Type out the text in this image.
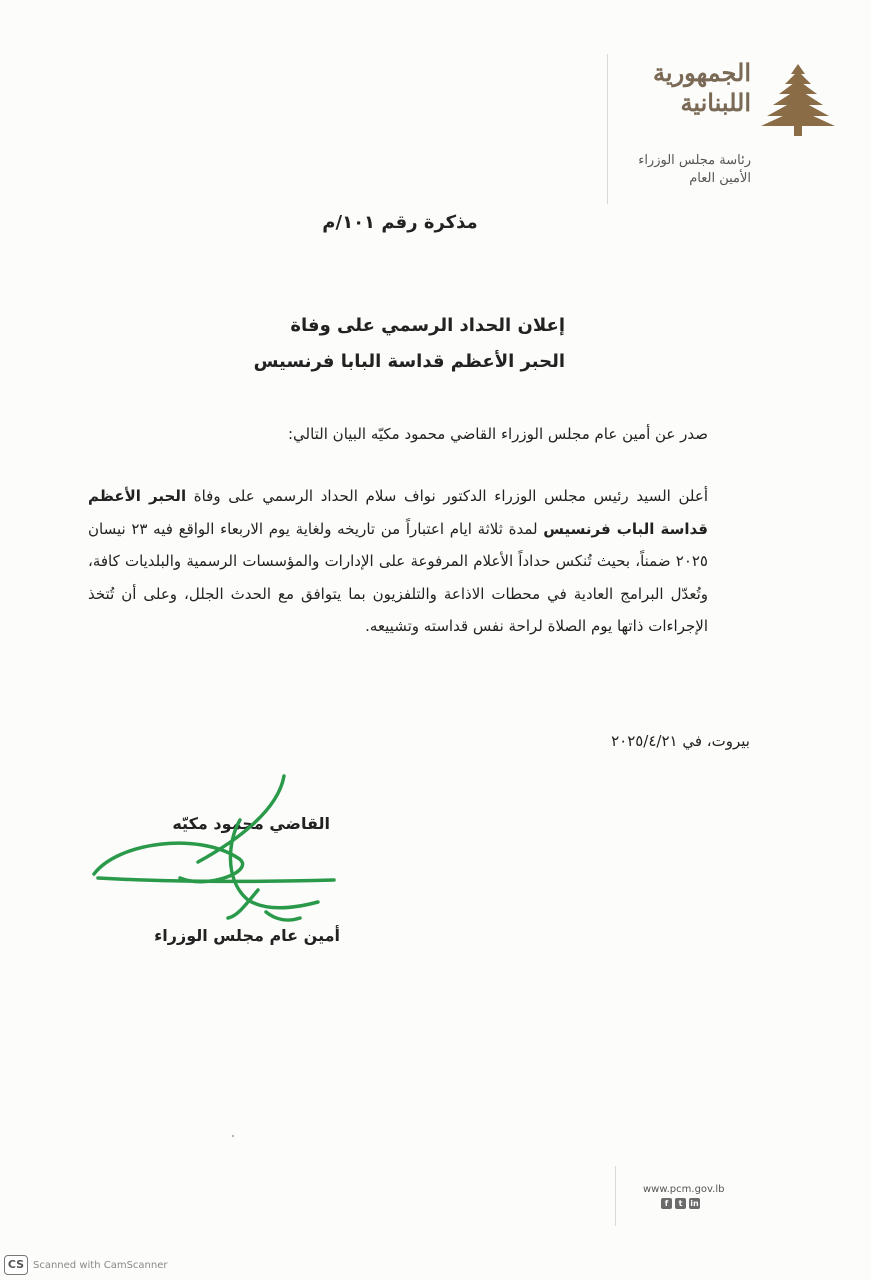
الجمهورية
اللبنانية
رئاسة مجلس الوزراء
الأمين العام
مذكرة رقم ١٠١/م
إعلان الحداد الرسمي على وفاة
الحبر الأعظم قداسة البابا فرنسيس
صدر عن أمين عام مجلس الوزراء القاضي محمود مكيّه البيان التالي:
أعلن السيد رئيس مجلس الوزراء الدكتور نواف سلام الحداد الرسمي على وفاة الحبر الأعظم قداسة الباب فرنسيس لمدة ثلاثة ايام اعتباراً من تاريخه ولغاية يوم الاربعاء الواقع فيه ٢٣ نيسان ٢٠٢٥ ضمناً، بحيث تُنكس حداداً الأعلام المرفوعة على الإدارات والمؤسسات الرسمية والبلديات كافة، وتُعدّل البرامج العادية في محطات الاذاعة والتلفزيون بما يتوافق مع الحدث الجلل، وعلى أن تُتخذ الإجراءات ذاتها يوم الصلاة لراحة نفس قداسته وتشييعه.
بيروت، في ٢٠٢٥/٤/٢١
القاضي محمود مكيّه
أمين عام مجلس الوزراء
www.pcm.gov.lb
f	t in
CS Scanned with CamScanner
